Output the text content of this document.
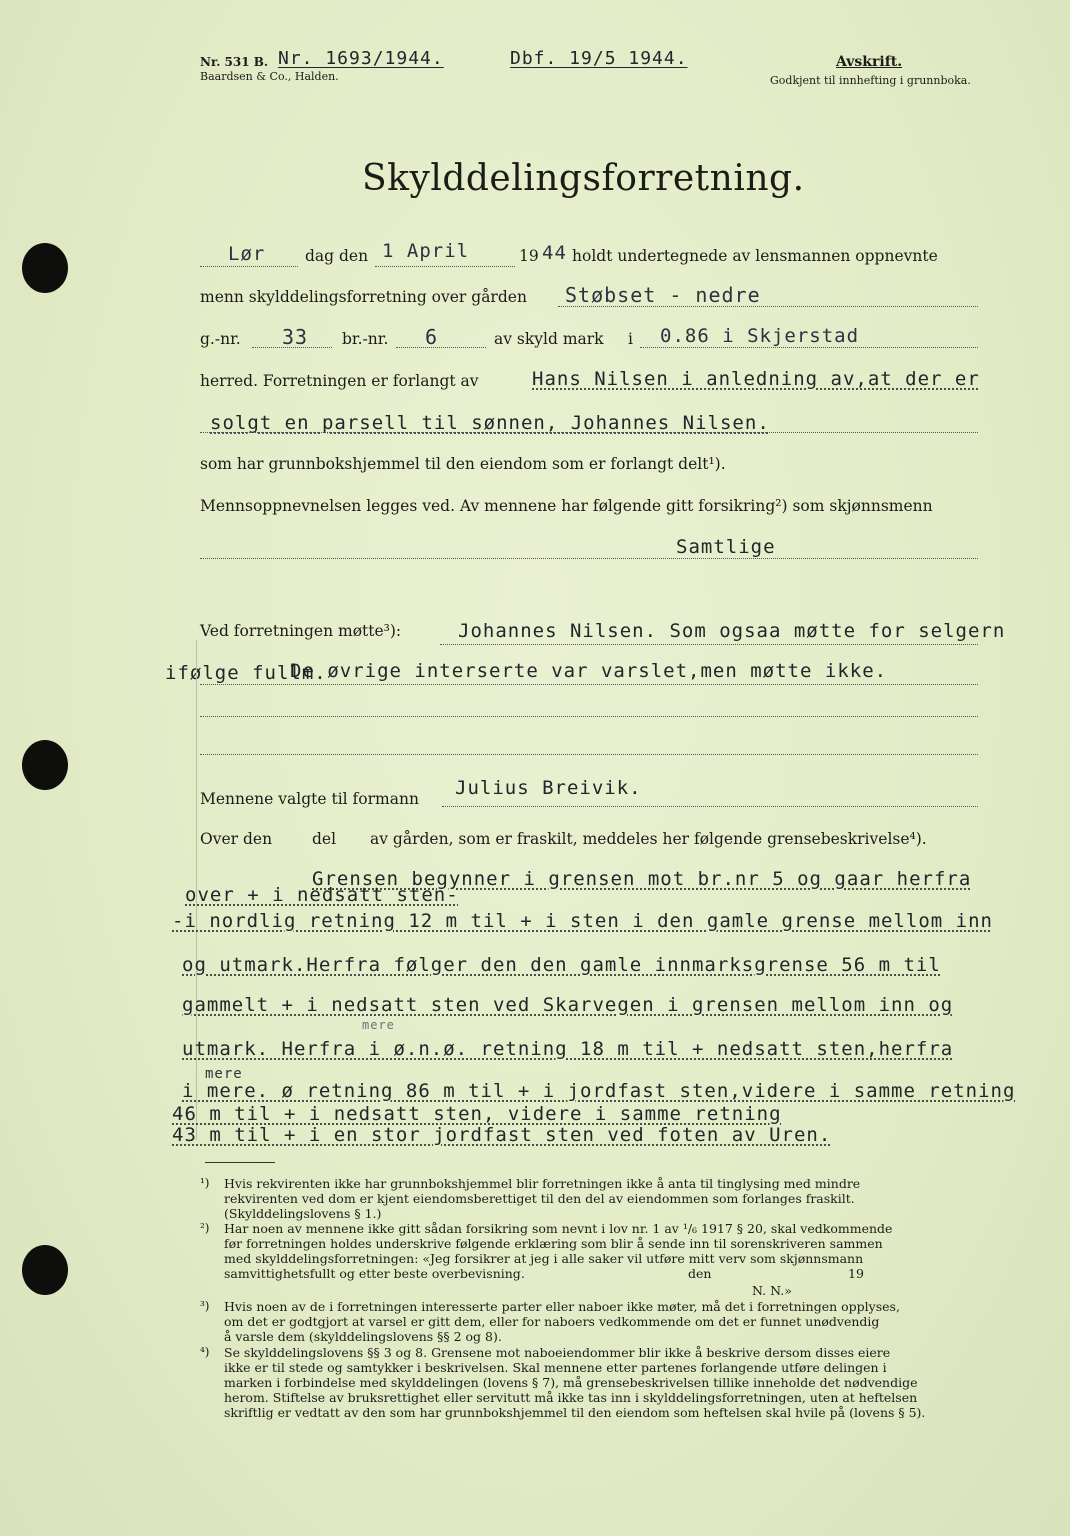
Nr. 531 B.
Baardsen & Co., Halden.
Nr. 1693/1944.	Dbf. 19/5 1944.	Avskrift.
Godkjent til innhefting i grunnboka.
Skylddelingsforretning.
Lør	dag den 1 April	19 44 holdt undertegnede av lensmannen oppnevnte
menn skylddelingsforretning over gården Støbset - nedre
g.-nr. 33 br.-nr. 6	av skyld mark i 0.86 i Skjerstad
herred. Forretningen er forlangt av	Hans Nilsen i anledning av,at der er
solgt en parsell til sønnen, Johannes Nilsen.
som har grunnbokshjemmel til den eiendom som er forlangt delt¹).
Mennsoppnevnelsen legges ved. Av mennene har følgende gitt forsikring²) som skjønnsmenn
Samtlige
Ved forretningen møtte³):	Johannes Nilsen. Som ogsaa møtte for selgern
ifølge fullm.
De øvrige interserte var varslet,men møtte ikke.
Mennene valgte til formann Julius Breivik.
Over den	del av gården, som er fraskilt, meddeles her følgende grensebeskrivelse⁴).
Grensen begynner i grensen mot br.nr 5 og gaar herfra
over + i nedsatt sten-
-i nordlig retning 12 m til + i sten i den gamle grense mellom inn
og utmark.Herfra følger den den gamle innmarksgrense 56 m til
gammelt + i nedsatt sten ved Skarvegen i grensen mellom inn og
mere
utmark. Herfra i ø.n.ø. retning 18 m til + nedsatt sten,herfra
mere
i mere. ø retning 86 m til + i jordfast sten,videre i samme retning
46 m til + i nedsatt sten, videre i samme retning
43 m til + i en stor jordfast sten ved foten av Uren.
¹) Hvis rekvirenten ikke har grunnbokshjemmel blir forretningen ikke å anta til tinglysing med mindre
rekvirenten ved dom er kjent eiendomsberettiget til den del av eiendommen som forlanges fraskilt.
(Skylddelingslovens § 1.)
²) Har noen av mennene ikke gitt sådan forsikring som nevnt i lov nr. 1 av ¹/₆ 1917 § 20, skal vedkommende
før forretningen holdes underskrive følgende erklæring som blir å sende inn til sorenskriveren sammen
med skylddelingsforretningen: «Jeg forsikrer at jeg i alle saker vil utføre mitt verv som skjønnsmann
samvittighetsfullt og etter beste overbevisning.	den	19
N. N.»
³) Hvis noen av de i forretningen interesserte parter eller naboer ikke møter, må det i forretningen opplyses,
om det er godtgjort at varsel er gitt dem, eller for naboers vedkommende om det er funnet unødvendig
å varsle dem (skylddelingslovens §§ 2 og 8).
⁴) Se skylddelingslovens §§ 3 og 8. Grensene mot naboeiendommer blir ikke å beskrive dersom disses eiere
ikke er til stede og samtykker i beskrivelsen. Skal mennene etter partenes forlangende utføre delingen i
marken i forbindelse med skylddelingen (lovens § 7), må grensebeskrivelsen tillike inneholde det nødvendige
herom. Stiftelse av bruksrettighet eller servitutt må ikke tas inn i skylddelingsforretningen, uten at heftelsen
skriftlig er vedtatt av den som har grunnbokshjemmel til den eiendom som heftelsen skal hvile på (lovens § 5).
